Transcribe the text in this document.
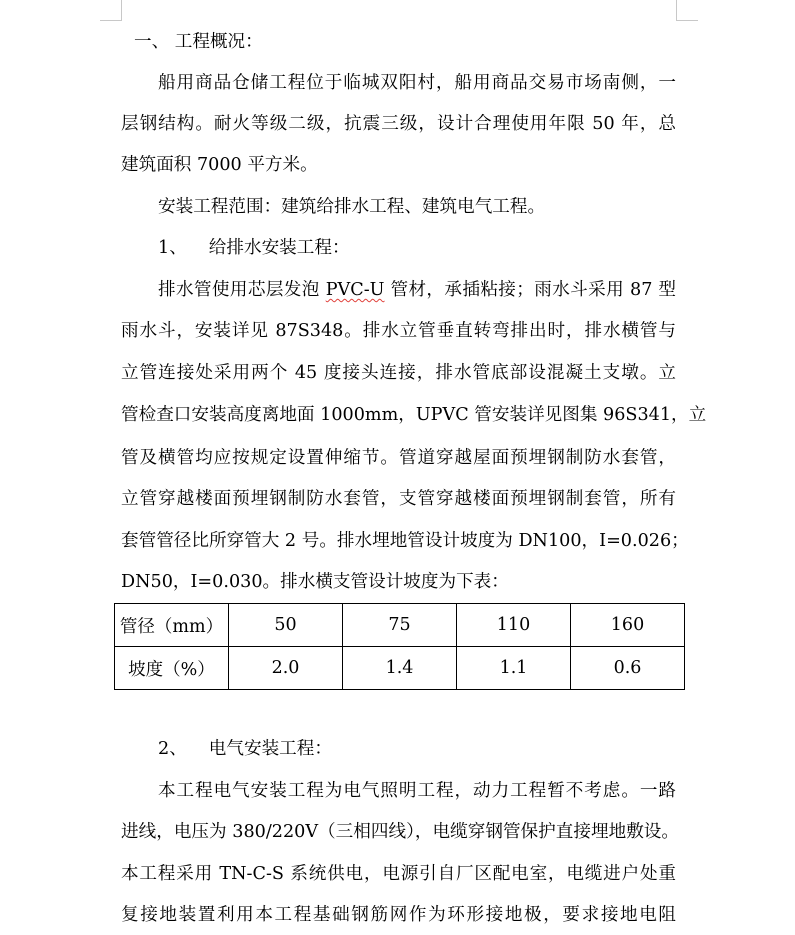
一、 工程概况：
船用商品仓储工程位于临城双阳村，船用商品交易市场南侧，一
层钢结构。耐火等级二级，抗震三级，设计合理使用年限 50 年，总
建筑面积 7000 平方米。
安装工程范围：建筑给排水工程、建筑电气工程。
1、 给排水安装工程：
排水管使用芯层发泡 PVC-U 管材，承插粘接；雨水斗采用 87 型
雨水斗，安装详见 87S348。排水立管垂直转弯排出时，排水横管与
立管连接处采用两个 45 度接头连接，排水管底部设混凝土支墩。立
管检查口安装高度离地面 1000mm，UPVC 管安装详见图集 96S341，立
管及横管均应按规定设置伸缩节。管道穿越屋面预埋钢制防水套管，
立管穿越楼面预埋钢制防水套管，支管穿越楼面预埋钢制套管，所有
套管管径比所穿管大 2 号。排水埋地管设计坡度为 DN100，I=0.026；
DN50，I=0.030。排水横支管设计坡度为下表：
管径（mm）	50	75	110	160
坡度（%）	2.0	1.4	1.1	0.6
2、 电气安装工程：
本工程电气安装工程为电气照明工程，动力工程暂不考虑。一路
进线，电压为 380/220V（三相四线），电缆穿钢管保护直接埋地敷设。
本工程采用 TN-C-S 系统供电，电源引自厂区配电室，电缆进户处重
复接地装置利用本工程基础钢筋网作为环形接地极，要求接地电阻
